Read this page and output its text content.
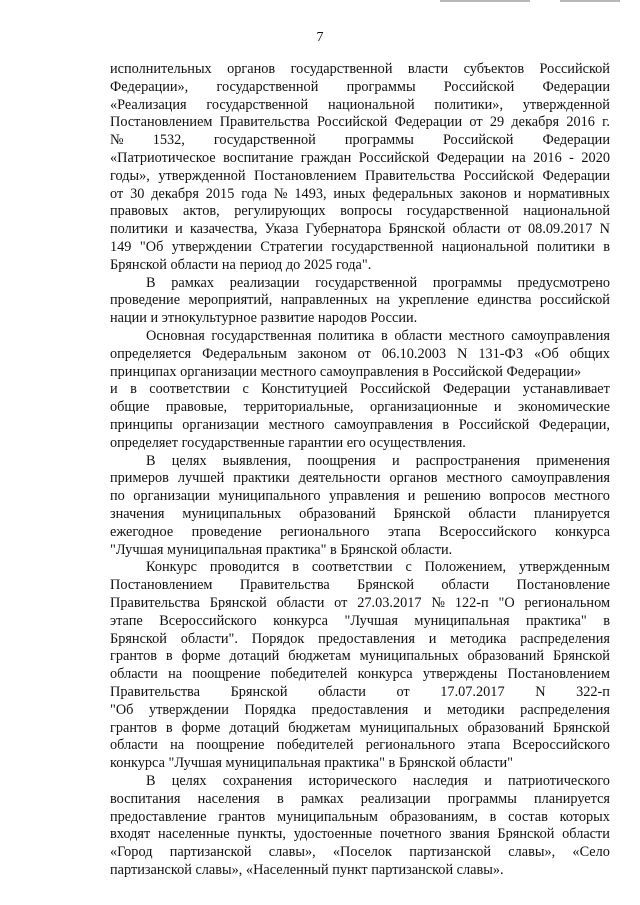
7
исполнительных органов государственной власти субъектов Российской
Федерации», государственной программы Российской Федерации
«Реализация государственной национальной политики», утвержденной
Постановлением Правительства Российской Федерации от 29 декабря 2016 г.
№ 1532, государственной программы Российской Федерации
«Патриотическое воспитание граждан Российской Федерации на 2016 - 2020
годы», утвержденной Постановлением Правительства Российской Федерации
от 30 декабря 2015 года № 1493, иных федеральных законов и нормативных
правовых актов, регулирующих вопросы государственной национальной
политики и казачества, Указа Губернатора Брянской области от 08.09.2017 N
149 "Об утверждении Стратегии государственной национальной политики в
Брянской области на период до 2025 года".
В рамках реализации государственной программы предусмотрено
проведение мероприятий, направленных на укрепление единства российской
нации и этнокультурное развитие народов России.
Основная государственная политика в области местного самоуправления
определяется Федеральным законом от 06.10.2003 N 131-ФЗ «Об общих
принципах организации местного самоуправления в Российской Федерации»
и в соответствии с Конституцией Российской Федерации устанавливает
общие правовые, территориальные, организационные и экономические
принципы организации местного самоуправления в Российской Федерации,
определяет государственные гарантии его осуществления.
В целях выявления, поощрения и распространения применения
примеров лучшей практики деятельности органов местного самоуправления
по организации муниципального управления и решению вопросов местного
значения муниципальных образований Брянской области планируется
ежегодное проведение регионального этапа Всероссийского конкурса
"Лучшая муниципальная практика" в Брянской области.
Конкурс проводится в соответствии с Положением, утвержденным
Постановлением Правительства Брянской области Постановление
Правительства Брянской области от 27.03.2017 № 122-п "О региональном
этапе Всероссийского конкурса "Лучшая муниципальная практика" в
Брянской области". Порядок предоставления и методика распределения
грантов в форме дотаций бюджетам муниципальных образований Брянской
области на поощрение победителей конкурса утверждены Постановлением
Правительства Брянской области от 17.07.2017 N 322-п
"Об утверждении Порядка предоставления и методики распределения
грантов в форме дотаций бюджетам муниципальных образований Брянской
области на поощрение победителей регионального этапа Всероссийского
конкурса "Лучшая муниципальная практика" в Брянской области"
В целях сохранения исторического наследия и патриотического
воспитания населения в рамках реализации программы планируется
предоставление грантов муниципальным образованиям, в состав которых
входят населенные пункты, удостоенные почетного звания Брянской области
«Город партизанской славы», «Поселок партизанской славы», «Село
партизанской славы», «Населенный пункт партизанской славы».
